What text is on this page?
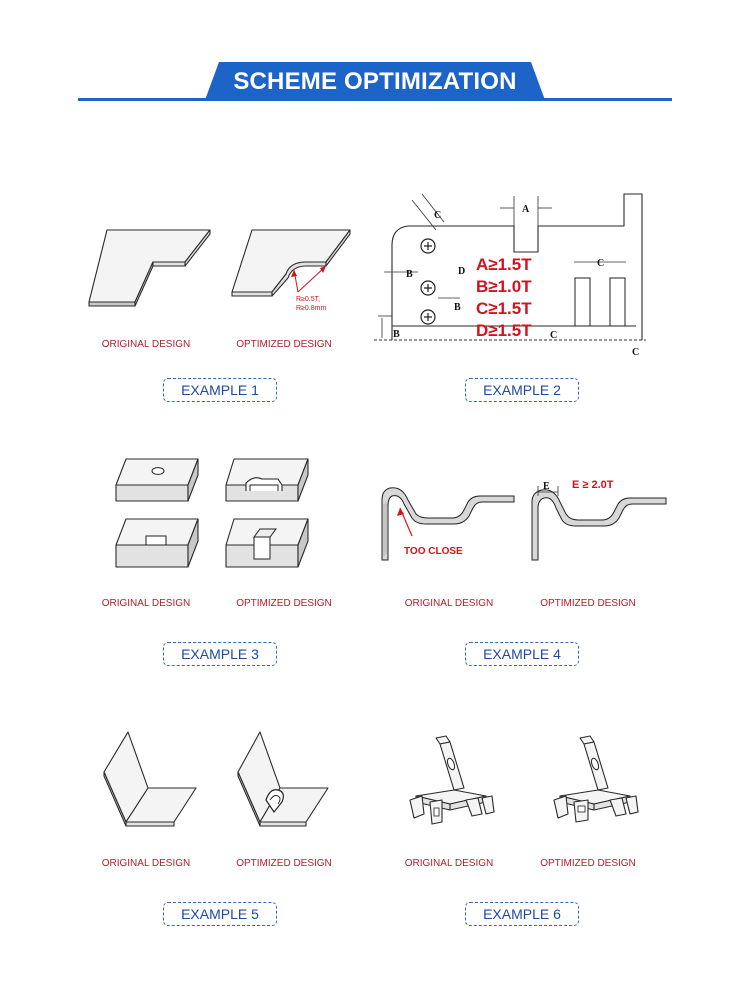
SCHEME OPTIMIZATION
R≥0.5T,
R≥0.8mm
ORIGINAL DESIGN	OPTIMIZED DESIGN
EXAMPLE 1
A
C
B	D
B
B
C
C
C
A≥1.5T
B≥1.0T
C≥1.5T
D≥1.5T
EXAMPLE 2
ORIGINAL DESIGN	OPTIMIZED DESIGN
EXAMPLE 3
TOO CLOSE
E E ≥ 2.0T
ORIGINAL DESIGN	OPTIMIZED DESIGN
EXAMPLE 4
ORIGINAL DESIGN	OPTIMIZED DESIGN
EXAMPLE 5
ORIGINAL DESIGN	OPTIMIZED DESIGN
EXAMPLE 6
